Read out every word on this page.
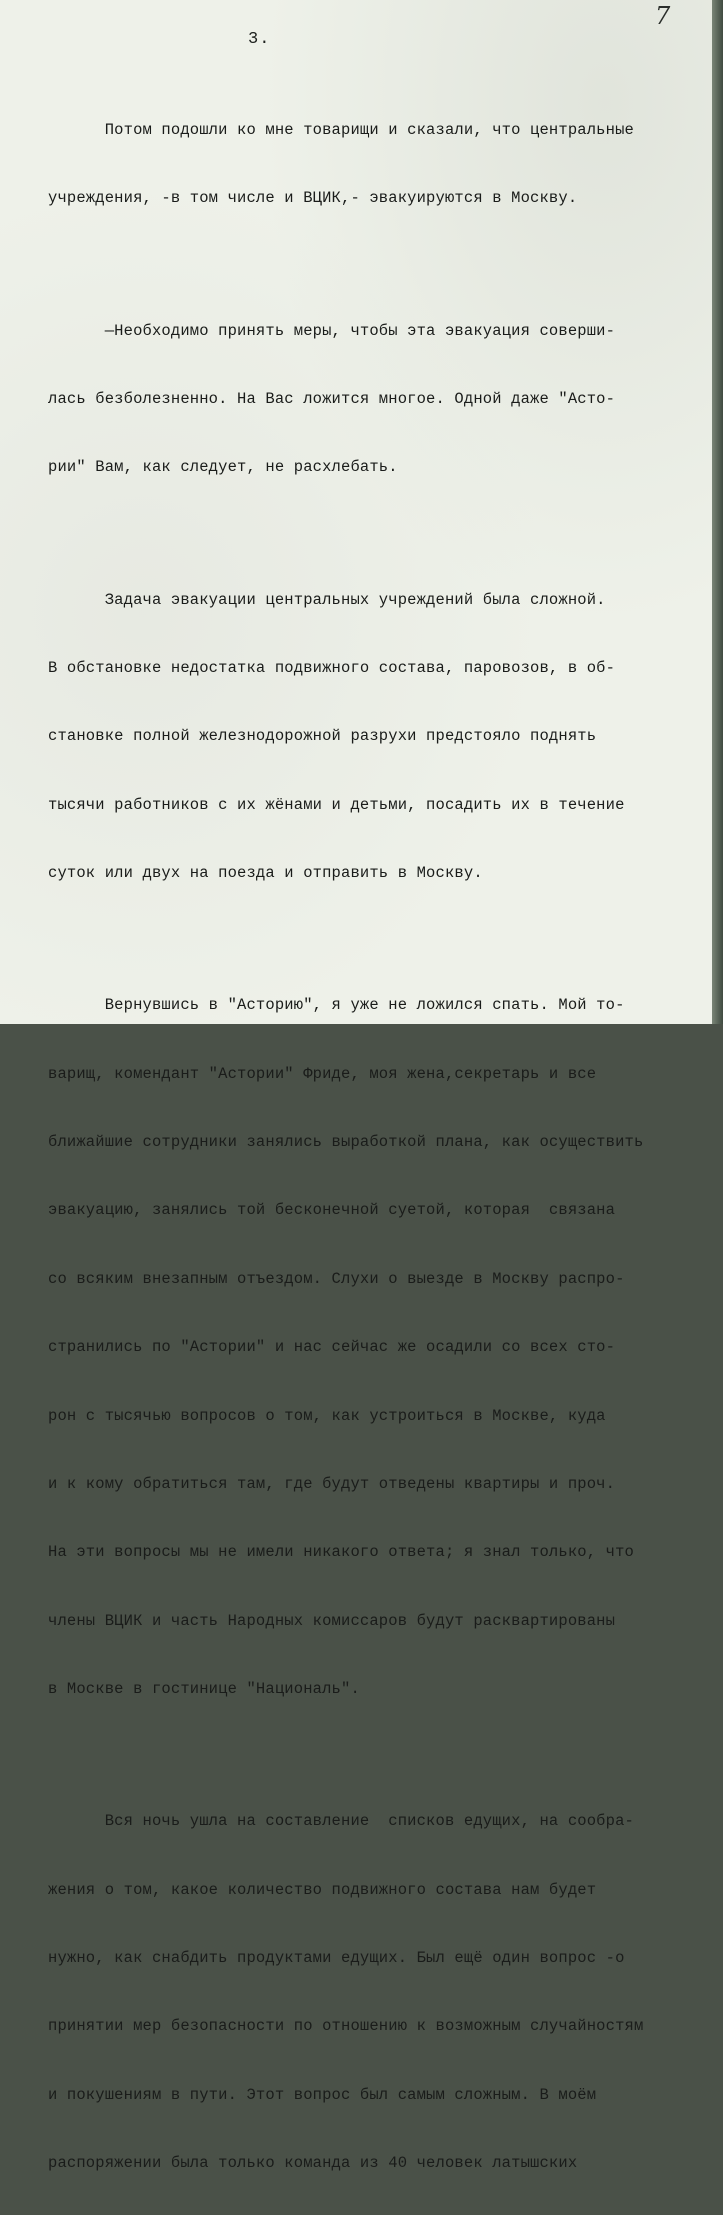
7
3.

Потом подошли ко мне товарищи и сказали, что центральные

учреждения, -в том числе и ВЦИК,- эвакуируются в Москву.

—Необходимо принять меры, чтобы эта эвакуация соверши-

лась безболезненно. На Вас ложится многое. Одной даже "Асто-

рии" Вам, как следует, не расхлебать.

Задача эвакуации центральных учреждений была сложной.

В обстановке недостатка подвижного состава, паровозов, в об-

становке полной железнодорожной разрухи предстояло поднять

тысячи работников с их жёнами и детьми, посадить их в течение

суток или двух на поезда и отправить в Москву.

Вернувшись в "Асторию", я уже не ложился спать. Мой то-

варищ, комендант "Астории" Фриде, моя жена,секретарь и все

ближайшие сотрудники занялись выработкой плана, как осуществить

эвакуацию, занялись той бесконечной суетой, которая  связана

со всяким внезапным отъездом. Слухи о выезде в Москву распро-

странились по "Астории" и нас сейчас же осадили со всех сто-

рон с тысячью вопросов о том, как устроиться в Москве, куда

и к кому обратиться там, где будут отведены квартиры и проч.

На эти вопросы мы не имели никакого ответа; я знал только, что

члены ВЦИК и часть Народных комиссаров будут расквартированы

в Москве в гостинице "Националь".

Вся ночь ушла на составление  списков едущих, на сообра-

жения о том, какое количество подвижного состава нам будет

нужно, как снабдить продуктами едущих. Был ещё один вопрос -о

принятии мер безопасности по отношению к возможным случайностям

и покушениям в пути. Этот вопрос был самым сложным. В моём

распоряжении была только команда из 40 человек латышских
